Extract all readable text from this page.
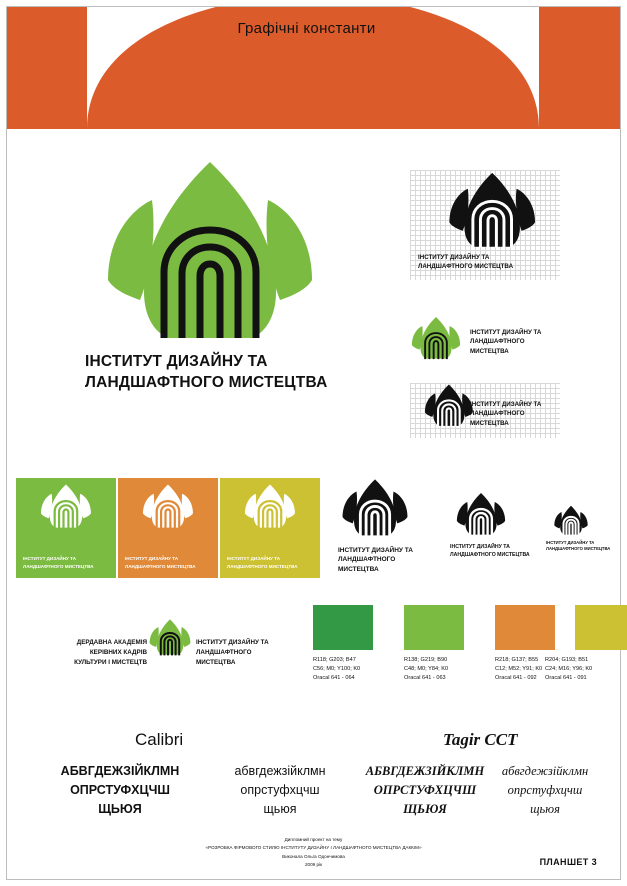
Графічні константи
ІНСТИТУТ ДИЗАЙНУ ТА
ЛАНДШАФТНОГО МИСТЕЦТВА
ІНСТИТУТ ДИЗАЙНУ ТА
ЛАНДШАФТНОГО МИСТЕЦТВА
ІНСТИТУТ ДИЗАЙНУ ТА
ЛАНДШАФТНОГО
МИСТЕЦТВА
ІНСТИТУТ ДИЗАЙНУ ТА
ЛАНДШАФТНОГО
МИСТЕЦТВА
ІНСТИТУТ ДИЗАЙНУ ТА
ЛАНДШАФТНОГО МИСТЕЦТВА
ІНСТИТУТ ДИЗАЙНУ ТА
ЛАНДШАФТНОГО МИСТЕЦТВА
ІНСТИТУТ ДИЗАЙНУ ТА
ЛАНДШАФТНОГО МИСТЕЦТВА
ІНСТИТУТ ДИЗАЙНУ ТА
ЛАНДШАФТНОГО МИСТЕЦТВА
ІНСТИТУТ ДИЗАЙНУ ТА
ЛАНДШАФТНОГО МИСТЕЦТВА
ІНСТИТУТ ДИЗАЙНУ ТА
ЛАНДШАФТНОГО МИСТЕЦТВА
ДЕРДАВНА АКАДЕМІЯ
КЕРІВНИХ КАДРІВ
КУЛЬТУРИ І МИСТЕЦТВ
ІНСТИТУТ ДИЗАЙНУ ТА
ЛАНДШАФТНОГО
МИСТЕЦТВА	R118; G203; B47
C56; M0; Y100; K0
Oracal 641 - 064
R138; G219; B90
C48; M0; Y84; K0
Oracal 641 - 063
R218; G137; B55
C12; M52; Y91; K0
Oracal 641 - 092
R204; G193; B51
C24; M16; Y96; K0
Oracal 641 - 091
Calibri	Tagir CCT
АБВГДЕЖЗІЙКЛМН
ОПРСТУФХЦЧШ
ЩЬЮЯ
абвгдежзійклмн
опрстуфхцчш
щьюя
АБВГДЕЖЗІЙКЛМН
ОПРСТУФХЦЧШ
ЩЬЮЯ
абвгдежзійклмн
опрстуфхцчш
щьюя
Дипломний проект на тему
«РОЗРОБКА ФІРМОВОГО СТИЛЮ ІНСТИТУТУ ДИЗАЙНУ І ЛАНДШАФТНОГО МИСТЕЦТВА ДАККІМ»
Виконала Ольга Одончимова
2009 рік	ПЛАНШЕТ 3
